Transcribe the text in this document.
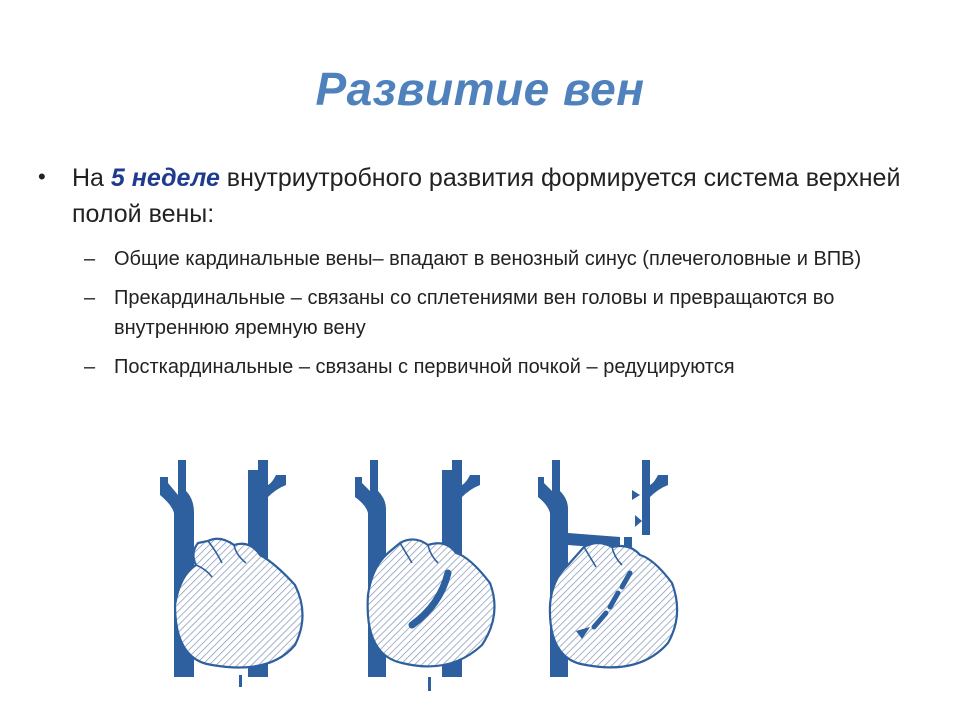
Развитие вен
• На 5 неделе внутриутробного развития формируется система верхней полой вены:
– Общие кардинальные вены– впадают в венозный синус (плечеголовные и ВПВ)
– Прекардинальные – связаны со сплетениями вен головы и превращаются во внутреннюю яремную вену
– Посткардинальные – связаны с первичной почкой – редуцируются
